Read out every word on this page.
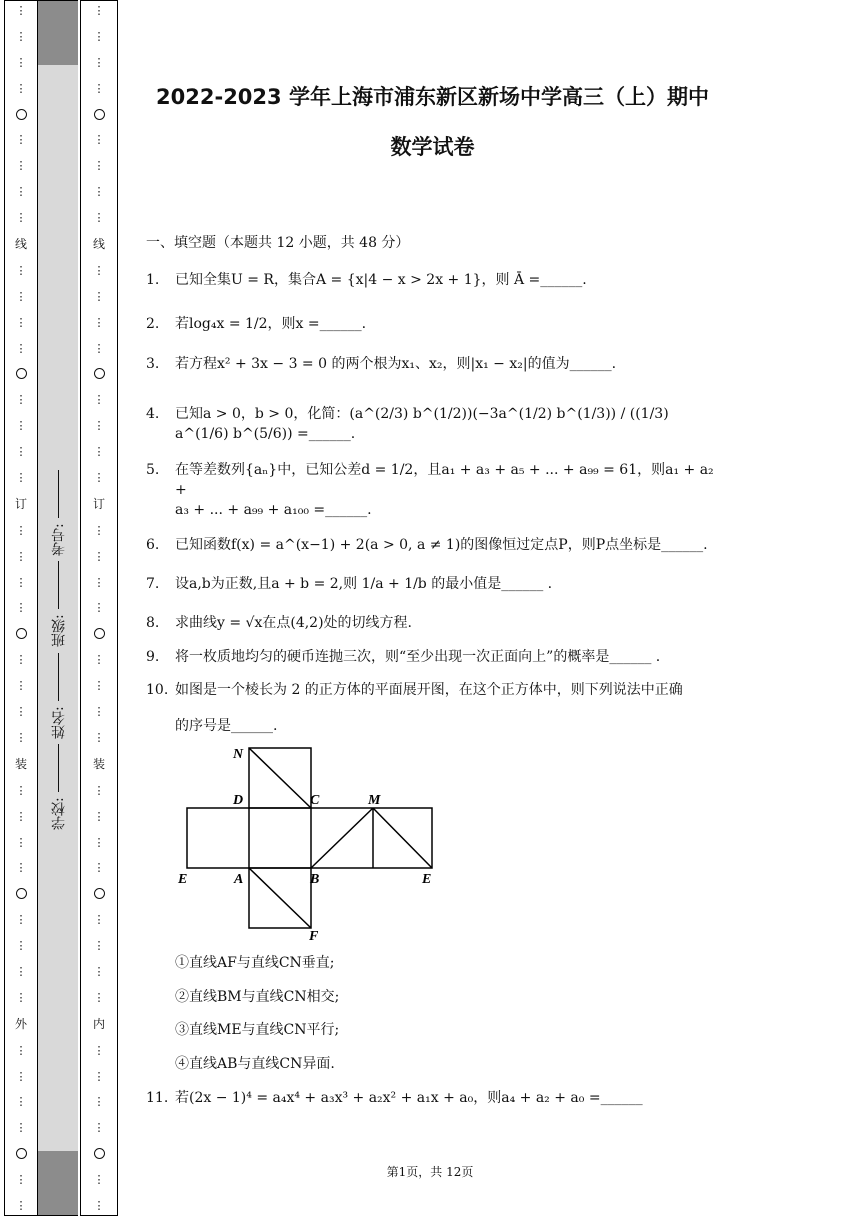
⋮
⋮
⋮
⋮
⋮
⋮
⋮
⋮
线
⋮
⋮
⋮
⋮
⋮
⋮
⋮
⋮
订
⋮
⋮
⋮
⋮
⋮
⋮
⋮
⋮
装
⋮
⋮
⋮
⋮
⋮
⋮
⋮
⋮
外
⋮
⋮
⋮
⋮
⋮
⋮
学校:
姓名:
班级:
考号:
⋮
⋮
⋮
⋮
⋮
⋮
⋮
⋮
线
⋮
⋮
⋮
⋮
⋮
⋮
⋮
⋮
订
⋮
⋮
⋮
⋮
⋮
⋮
⋮
⋮
装
⋮
⋮
⋮
⋮
⋮
⋮
⋮
⋮
内
⋮
⋮
⋮
⋮
⋮
⋮
2022-2023 学年上海市浦东新区新场中学高三（上）期中
数学试卷
一、填空题（本题共 12 小题，共 48 分）
1. 已知全集U = R，集合A = {x|4 − x > 2x + 1}，则 Ā =______.
2. 若log₄x = 1/2，则x =______.
3. 若方程x² + 3x − 3 = 0 的两个根为x₁、x₂，则|x₁ − x₂|的值为______.
4. 已知a > 0，b > 0，化简：(a^(2/3) b^(1/2))(−3a^(1/2) b^(1/3)) / ((1/3) a^(1/6) b^(5/6)) =______.
5. 在等差数列{aₙ}中，已知公差d = 1/2，且a₁ + a₃ + a₅ + ... + a₉₉ = 61，则a₁ + a₂ +
a₃ + ... + a₉₉ + a₁₀₀ =______.
6. 已知函数f(x) = a^(x−1) + 2(a > 0, a ≠ 1)的图像恒过定点P，则P点坐标是______.
7. 设a,b为正数,且a + b = 2,则 1/a + 1/b 的最小值是______ .
8. 求曲线y = √x在点(4,2)处的切线方程.
9. 将一枚质地均匀的硬币连抛三次，则“至少出现一次正面向上”的概率是______ .
10. 如图是一个棱长为 2 的正方体的平面展开图，在这个正方体中，则下列说法中正确
的序号是______.
N
D	C	M
E	A	B	E
F
①直线AF与直线CN垂直;
②直线BM与直线CN相交;
③直线ME与直线CN平行;
④直线AB与直线CN异面.
11. 若(2x − 1)⁴ = a₄x⁴ + a₃x³ + a₂x² + a₁x + a₀，则a₄ + a₂ + a₀ =______
第1页，共 12页
